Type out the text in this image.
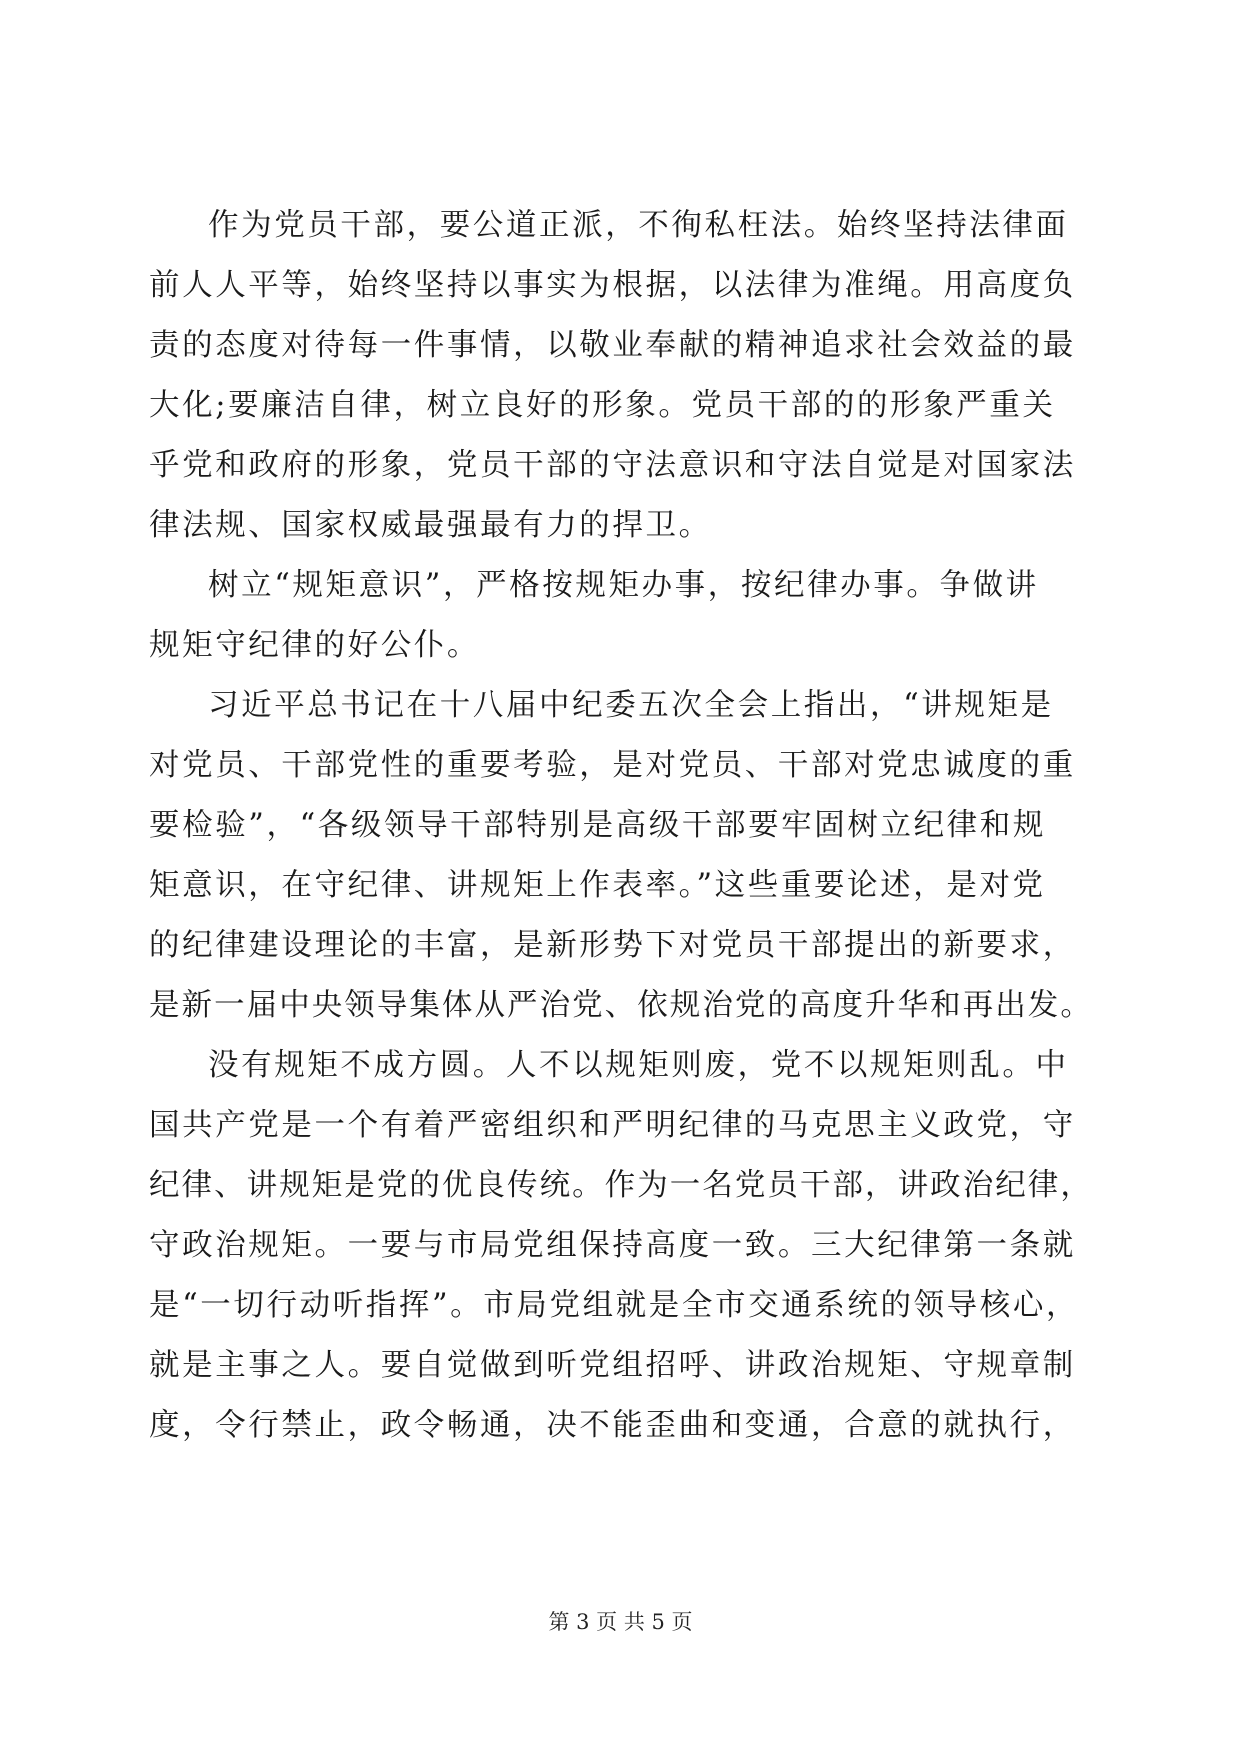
作为党员干部，要公道正派，不徇私枉法。始终坚持法律面
前人人平等，始终坚持以事实为根据，以法律为准绳。用高度负
责的态度对待每一件事情，以敬业奉献的精神追求社会效益的最
大化;要廉洁自律，树立良好的形象。党员干部的的形象严重关
乎党和政府的形象，党员干部的守法意识和守法自觉是对国家法
律法规、国家权威最强最有力的捍卫。
树立“规矩意识”，严格按规矩办事，按纪律办事。争做讲
规矩守纪律的好公仆。
习近平总书记在十八届中纪委五次全会上指出，“讲规矩是
对党员、干部党性的重要考验，是对党员、干部对党忠诚度的重
要检验”，“各级领导干部特别是高级干部要牢固树立纪律和规
矩意识，在守纪律、讲规矩上作表率。”这些重要论述，是对党
的纪律建设理论的丰富，是新形势下对党员干部提出的新要求，
是新一届中央领导集体从严治党、依规治党的高度升华和再出发。
没有规矩不成方圆。人不以规矩则废，党不以规矩则乱。中
国共产党是一个有着严密组织和严明纪律的马克思主义政党，守
纪律、讲规矩是党的优良传统。作为一名党员干部，讲政治纪律，
守政治规矩。一要与市局党组保持高度一致。三大纪律第一条就
是“一切行动听指挥”。市局党组就是全市交通系统的领导核心，
就是主事之人。要自觉做到听党组招呼、讲政治规矩、守规章制
度，令行禁止，政令畅通，决不能歪曲和变通，合意的就执行，
第 3 页 共 5 页
